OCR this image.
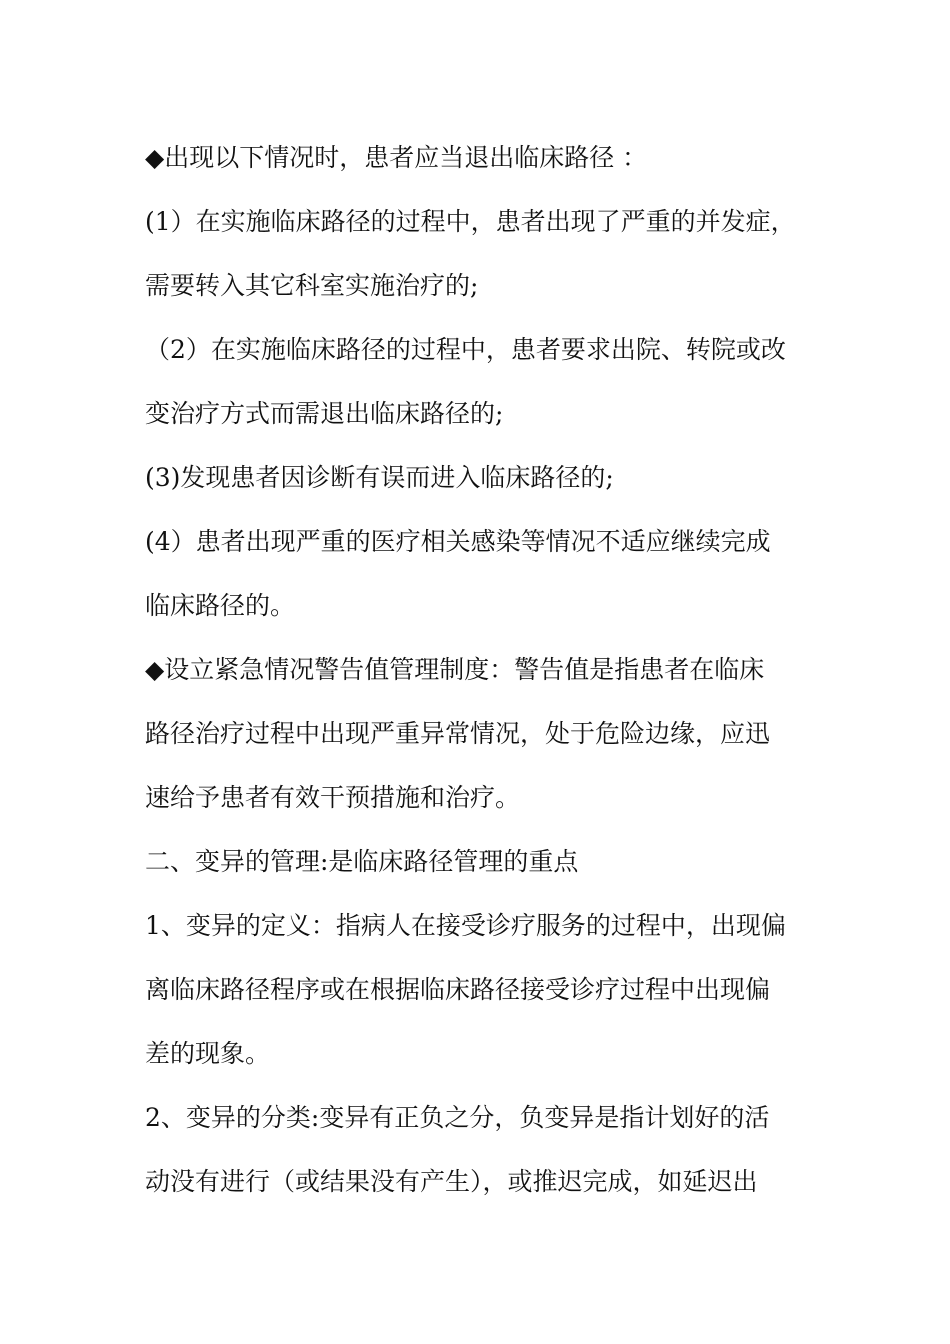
◆出现以下情况时，患者应当退出临床路径 ：
(1）在实施临床路径的过程中，患者出现了严重的并发症，
需要转入其它科室实施治疗的;
（2）在实施临床路径的过程中，患者要求出院、转院或改
变治疗方式而需退出临床路径的;
(3)发现患者因诊断有误而进入临床路径的;
(4）患者出现严重的医疗相关感染等情况不适应继续完成
临床路径的。
◆设立紧急情况警告值管理制度：警告值是指患者在临床
路径治疗过程中出现严重异常情况，处于危险边缘，应迅
速给予患者有效干预措施和治疗。
二、变异的管理:是临床路径管理的重点
1、变异的定义：指病人在接受诊疗服务的过程中，出现偏
离临床路径程序或在根据临床路径接受诊疗过程中出现偏
差的现象。
2、变异的分类:变异有正负之分，负变异是指计划好的活
动没有进行（或结果没有产生），或推迟完成，如延迟出
